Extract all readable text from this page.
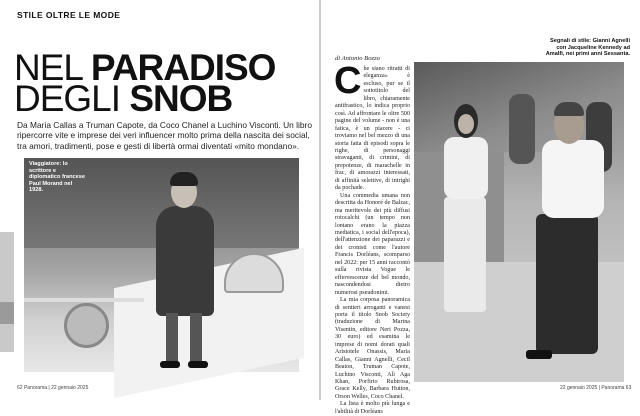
STILE OLTRE LE MODE
NEL PARADISO
DEGLI SNOB
Da Maria Callas a Truman Capote, da Coco Chanel a Luchino Visconti. Un libro ripercorre vite e imprese dei veri influencer molto prima della nascita dei social, tra amori, tradimenti, pose e gesti di libertà ormai diventati «mito mondano».
Viaggiatore: lo scrittore e diplomatico francese Paul Morand nel 1928.
62 Panorama | 22 gennaio 2025
di Antonio Bozzo

Che siano ritratti di eleganza» è escluso, pur se il sottotitolo del libro, chiaramente antifrastico, lo indica proprio così. Ad affrontare le oltre 500 pagine del volume - non è una fatica, è un piacere - ci troviamo nel bel mezzo di una storia fatta di episodi sopra le righe, di personaggi stravaganti, di crimini, di prepotenze, di marachelle in frac, di amorazzi interessati, di affinità selettive, di intrighi da pochade.

Una commedia umana non descritta da Honoré de Balzac, ma meritevole dei più diffusi rotocalchi (un tempo non lontano erano la piazza mediatica, i social dell'epoca), dell'attenzione dei paparazzi e dei cronisti come l'autore Francis Dorléans, scomparso nel 2022: per 15 anni raccontò sulla rivista Vogue le effervescenze del bel mondo, nascondendosi dietro numerosi pseudonimi.

La mia corposa panoramica di sentieri arroganti e vanesi porta il titolo Snob Society (traduzione di Marina Visentin, editore Neri Pozza, 30 euro) ed esamina le imprese di nomi dorati quali Aristotele Onassis, Maria Callas, Gianni Agnelli, Cecil Beaton, Truman Capote, Luchino Visconti, Alì Aga Khan, Porfirio Rubirosa, Grace Kelly, Barbara Hutton, Orson Welles, Coco Chanel.

La lista è molto più lunga e l'abilità di Dorléans

Segnali di stile: Gianni Agnelli con Jacqueline Kennedy ad Amalfi, nei primi anni Sessanta.
22 gennaio 2025 | Panorama 63
